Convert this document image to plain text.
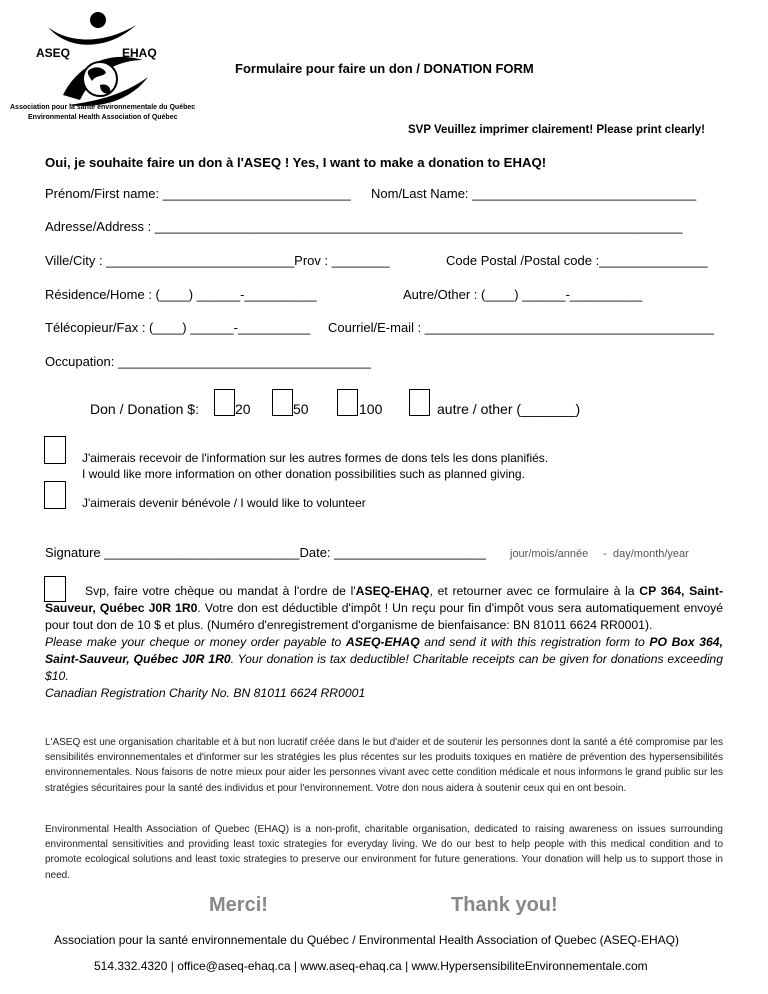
ASEQ	EHAQ
Association pour la santé environnementale du Québec
Environmental Health Association of Québec
Formulaire pour faire un don / DONATION FORM
SVP Veuillez imprimer clairement! Please print clearly!
Oui, je souhaite faire un don à l'ASEQ ! Yes, I want to make a donation to EHAQ!
Prénom/First name: __________________________ Nom/Last Name: _______________________________
Adresse/Address : _________________________________________________________________________
Ville/City : __________________________Prov : ________	Code Postal /Postal code :_______________
Résidence/Home : (____) ______-__________	Autre/Other : (____) ______-__________
Télécopieur/Fax : (____) ______-__________ Courriel/E-mail : ________________________________________
Occupation: ___________________________________
Don / Donation $:	20	50	100	autre / other (_______)
J'aimerais recevoir de l'information sur les autres formes de dons tels les dons planifiés.
I would like more information on other donation possibilities such as planned giving.
J'aimerais devenir bénévole / I would like to volunteer
Signature ___________________________Date: _____________________ jour/mois/année - day/month/year

Svp, faire votre chèque ou mandat à l'ordre de l'ASEQ-EHAQ, et retourner avec ce formulaire à la CP 364, Saint-Sauveur, Québec J0R 1R0. Votre don est déductible d'impôt ! Un reçu pour fin d'impôt vous sera automatiquement envoyé pour tout don de 10 $ et plus. (Numéro d'enregistrement d'organisme de bienfaisance: BN 81011 6624 RR0001).

Please make your cheque or money order payable to ASEQ-EHAQ and send it with this registration form to PO Box 364, Saint-Sauveur, Québec J0R 1R0. Your donation is tax deductible! Charitable receipts can be given for donations exceeding $10.

Canadian Registration Charity No. BN 81011 6624 RR0001

L'ASEQ est une organisation charitable et à but non lucratif créée dans le but d'aider et de soutenir les personnes dont la santé a été compromise par les sensibilités environnementales et d'informer sur les stratégies les plus récentes sur les produits toxiques en matière de prévention des hypersensibilités environnementales. Nous faisons de notre mieux pour aider les personnes vivant avec cette condition médicale et nous informons le grand public sur les stratégies sécuritaires pour la santé des individus et pour l'environnement. Votre don nous aidera à soutenir ceux qui en ont besoin.
Environmental Health Association of Quebec (EHAQ) is a non-profit, charitable organisation, dedicated to raising awareness on issues surrounding environmental sensitivities and providing least toxic strategies for everyday living. We do our best to help people with this medical condition and to promote ecological solutions and least toxic strategies to preserve our environment for future generations. Your donation will help us to support those in need.
Merci!	Thank you!
Association pour la santé environnementale du Québec / Environmental Health Association of Quebec (ASEQ-EHAQ)
514.332.4320 | office@aseq-ehaq.ca | www.aseq-ehaq.ca | www.HypersensibiliteEnvironnementale.com
